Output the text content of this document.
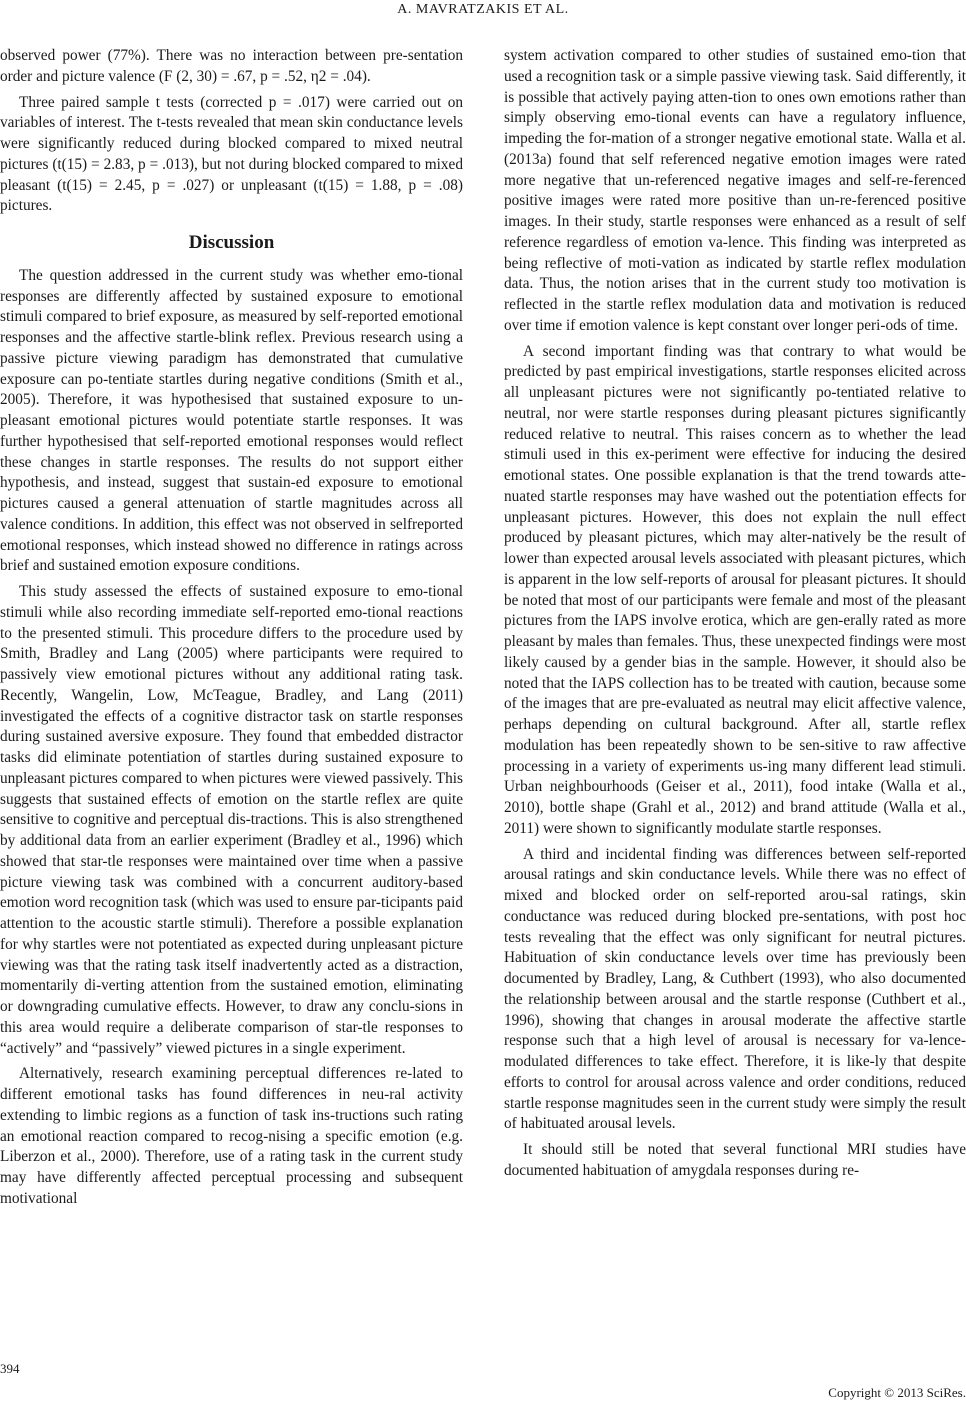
A. MAVRATZAKIS ET AL.

observed power (77%). There was no interaction between pre-sentation order and picture valence (F (2, 30) = .67, p = .52, η2 = .04).

Three paired sample t tests (corrected p = .017) were carried out on variables of interest. The t-tests revealed that mean skin conductance levels were significantly reduced during blocked compared to mixed neutral pictures (t(15) = 2.83, p = .013), but not during blocked compared to mixed pleasant (t(15) = 2.45, p = .027) or unpleasant (t(15) = 1.88, p = .08) pictures.

Discussion

The question addressed in the current study was whether emo-tional responses are differently affected by sustained exposure to emotional stimuli compared to brief exposure, as measured by self-reported emotional responses and the affective startle-blink reflex. Previous research using a passive picture viewing paradigm has demonstrated that cumulative exposure can po-tentiate startles during negative conditions (Smith et al., 2005). Therefore, it was hypothesised that sustained exposure to un-pleasant emotional pictures would potentiate startle responses. It was further hypothesised that self-reported emotional responses would reflect these changes in startle responses. The results do not support either hypothesis, and instead, suggest that sustain-ed exposure to emotional pictures caused a general attenuation of startle magnitudes across all valence conditions. In addition, this effect was not observed in selfreported emotional responses, which instead showed no difference in ratings across brief and sustained emotion exposure conditions.

This study assessed the effects of sustained exposure to emo-tional stimuli while also recording immediate self-reported emo-tional reactions to the presented stimuli. This procedure differs to the procedure used by Smith, Bradley and Lang (2005) where participants were required to passively view emotional pictures without any additional rating task. Recently, Wangelin, Low, McTeague, Bradley, and Lang (2011) investigated the effects of a cognitive distractor task on startle responses during sustained aversive exposure. They found that embedded distractor tasks did eliminate potentiation of startles during sustained exposure to unpleasant pictures compared to when pictures were viewed passively. This suggests that sustained effects of emotion on the startle reflex are quite sensitive to cognitive and perceptual dis-tractions. This is also strengthened by additional data from an earlier experiment (Bradley et al., 1996) which showed that star-tle responses were maintained over time when a passive picture viewing task was combined with a concurrent auditory-based emotion word recognition task (which was used to ensure par-ticipants paid attention to the acoustic startle stimuli). Therefore a possible explanation for why startles were not potentiated as expected during unpleasant picture viewing was that the rating task itself inadvertently acted as a distraction, momentarily di-verting attention from the sustained emotion, eliminating or downgrading cumulative effects. However, to draw any conclu-sions in this area would require a deliberate comparison of star-tle responses to “actively” and “passively” viewed pictures in a single experiment.

Alternatively, research examining perceptual differences re-lated to different emotional tasks has found differences in neu-ral activity extending to limbic regions as a function of task ins-tructions such rating an emotional reaction compared to recog-nising a specific emotion (e.g. Liberzon et al., 2000). Therefore, use of a rating task in the current study may have differently affected perceptual processing and subsequent motivational

system activation compared to other studies of sustained emo-tion that used a recognition task or a simple passive viewing task. Said differently, it is possible that actively paying atten-tion to ones own emotions rather than simply observing emo-tional events can have a regulatory influence, impeding the for-mation of a stronger negative emotional state. Walla et al. (2013a) found that self referenced negative emotion images were rated more negative that un-referenced negative images and self-re-ferenced positive images were rated more positive than un-re-ferenced positive images. In their study, startle responses were enhanced as a result of self reference regardless of emotion va-lence. This finding was interpreted as being reflective of moti-vation as indicated by startle reflex modulation data. Thus, the notion arises that in the current study too motivation is reflected in the startle reflex modulation data and motivation is reduced over time if emotion valence is kept constant over longer peri-ods of time.

A second important finding was that contrary to what would be predicted by past empirical investigations, startle responses elicited across all unpleasant pictures were not significantly po-tentiated relative to neutral, nor were startle responses during pleasant pictures significantly reduced relative to neutral. This raises concern as to whether the lead stimuli used in this ex-periment were effective for inducing the desired emotional states. One possible explanation is that the trend towards atte-nuated startle responses may have washed out the potentiation effects for unpleasant pictures. However, this does not explain the null effect produced by pleasant pictures, which may alter-natively be the result of lower than expected arousal levels associated with pleasant pictures, which is apparent in the low self-reports of arousal for pleasant pictures. It should be noted that most of our participants were female and most of the pleasant pictures from the IAPS involve erotica, which are gen-erally rated as more pleasant by males than females. Thus, these unexpected findings were most likely caused by a gender bias in the sample. However, it should also be noted that the IAPS collection has to be treated with caution, because some of the images that are pre-evaluated as neutral may elicit affective valence, perhaps depending on cultural background. After all, startle reflex modulation has been repeatedly shown to be sen-sitive to raw affective processing in a variety of experiments us-ing many different lead stimuli. Urban neighbourhoods (Geiser et al., 2011), food intake (Walla et al., 2010), bottle shape (Grahl et al., 2012) and brand attitude (Walla et al., 2011) were shown to significantly modulate startle responses.

A third and incidental finding was differences between self-reported arousal ratings and skin conductance levels. While there was no effect of mixed and blocked order on self-reported arou-sal ratings, skin conductance was reduced during blocked pre-sentations, with post hoc tests revealing that the effect was only significant for neutral pictures. Habituation of skin conductance levels over time has previously been documented by Bradley, Lang, & Cuthbert (1993), who also documented the relationship between arousal and the startle response (Cuthbert et al., 1996), showing that changes in arousal moderate the affective startle response such that a high level of arousal is necessary for va-lence-modulated differences to take effect. Therefore, it is like-ly that despite efforts to control for arousal across valence and order conditions, reduced startle response magnitudes seen in the current study were simply the result of habituated arousal levels.

It should still be noted that several functional MRI studies have documented habituation of amygdala responses during re-

394
Copyright © 2013 SciRes.
